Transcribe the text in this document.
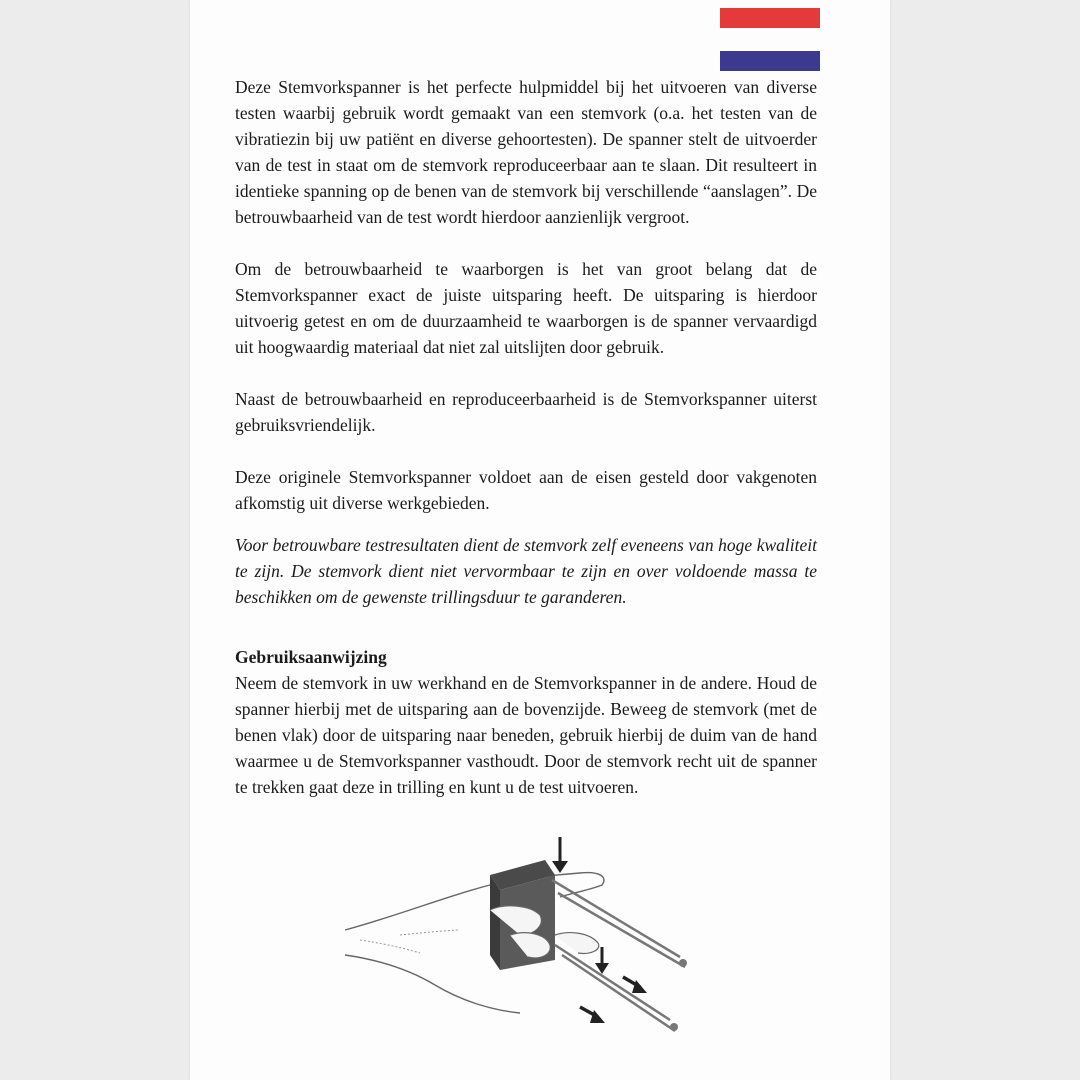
Deze Stemvorkspanner is het perfecte hulpmiddel bij het uitvoeren van diverse testen waarbij gebruik wordt gemaakt van een stemvork (o.a. het testen van de vibratiezin bij uw patiënt en diverse gehoortesten). De spanner stelt de uitvoerder van de test in staat om de stemvork reproduceerbaar aan te slaan. Dit resulteert in identieke spanning op de benen van de stemvork bij verschillende “aanslagen”. De betrouwbaarheid van de test wordt hierdoor aanzienlijk vergroot.

Om de betrouwbaarheid te waarborgen is het van groot belang dat de Stemvorkspanner exact de juiste uitsparing heeft. De uitsparing is hierdoor uitvoerig getest en om de duurzaamheid te waarborgen is de spanner vervaardigd uit hoogwaardig materiaal dat niet zal uitslijten door gebruik.

Naast de betrouwbaarheid en reproduceerbaarheid is de Stemvorkspanner uiterst gebruiksvriendelijk.

Deze originele Stemvorkspanner voldoet aan de eisen gesteld door vakgenoten afkomstig uit diverse werkgebieden.

Voor betrouwbare testresultaten dient de stemvork zelf eveneens van hoge kwaliteit te zijn. De stemvork dient niet vervormbaar te zijn en over voldoende massa te beschikken om de gewenste trillingsduur te garanderen.

Gebruiksaanwijzing

Neem de stemvork in uw werkhand en de Stemvorkspanner in de andere. Houd de spanner hierbij met de uitsparing aan de bovenzijde. Beweeg de stemvork (met de benen vlak) door de uitsparing naar beneden, gebruik hierbij de duim van de hand waarmee u de Stemvorkspanner vasthoudt. Door de stemvork recht uit de spanner te trekken gaat deze in trilling en kunt u de test uitvoeren.
